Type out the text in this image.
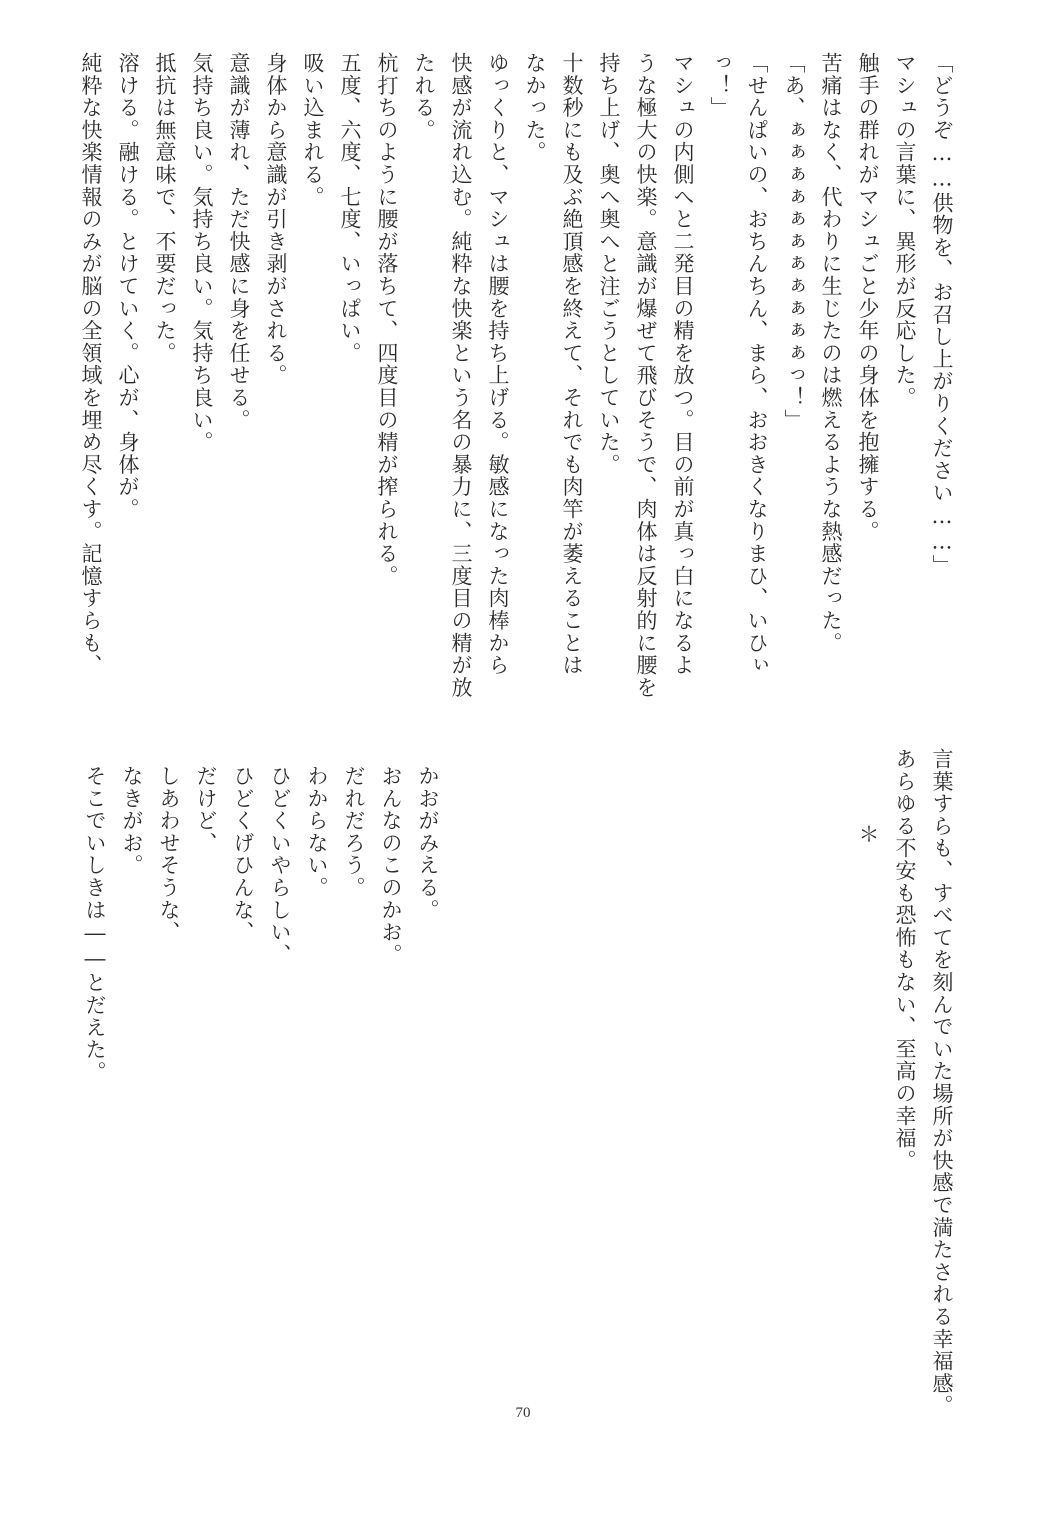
「どうぞ……供物を、お召し上がりください……」
マシュの言葉に、異形が反応した。
触手の群れがマシュごと少年の身体を抱擁する。
苦痛はなく、代わりに生じたのは燃えるような熱感だった。
「あ、ぁぁぁぁぁぁぁぁぁぁぁっ！」
「せんぱいの、おちんちん、まら、おおきくなりまひ、いひぃ
っ！」
マシュの内側へと二発目の精を放つ。目の前が真っ白になるよ
うな極大の快楽。意識が爆ぜて飛びそうで、肉体は反射的に腰を
持ち上げ、奥へ奥へと注ごうとしていた。
十数秒にも及ぶ絶頂感を終えて、それでも肉竿が萎えることは
なかった。
ゆっくりと、マシュは腰を持ち上げる。敏感になった肉棒から
快感が流れ込む。純粋な快楽という名の暴力に、三度目の精が放
たれる。
杭打ちのように腰が落ちて、四度目の精が搾られる。
五度、六度、七度、いっぱい。
吸い込まれる。
身体から意識が引き剥がされる。
意識が薄れ、ただ快感に身を任せる。
気持ち良い。気持ち良い。気持ち良い。
抵抗は無意味で、不要だった。
溶ける。融ける。とけていく。心が、身体が。
純粋な快楽情報のみが脳の全領域を埋め尽くす。記憶すらも、
言葉すらも、すべてを刻んでいた場所が快感で満たされる幸福感。
あらゆる不安も恐怖もない、至高の幸福。
＊
かおがみえる。
おんなのこのかお。
だれだろう。
わからない。
ひどくいやらしい、
ひどくげひんな、
だけど、
しあわせそうな、
なきがお。
そこでいしきは――とだえた。
70
